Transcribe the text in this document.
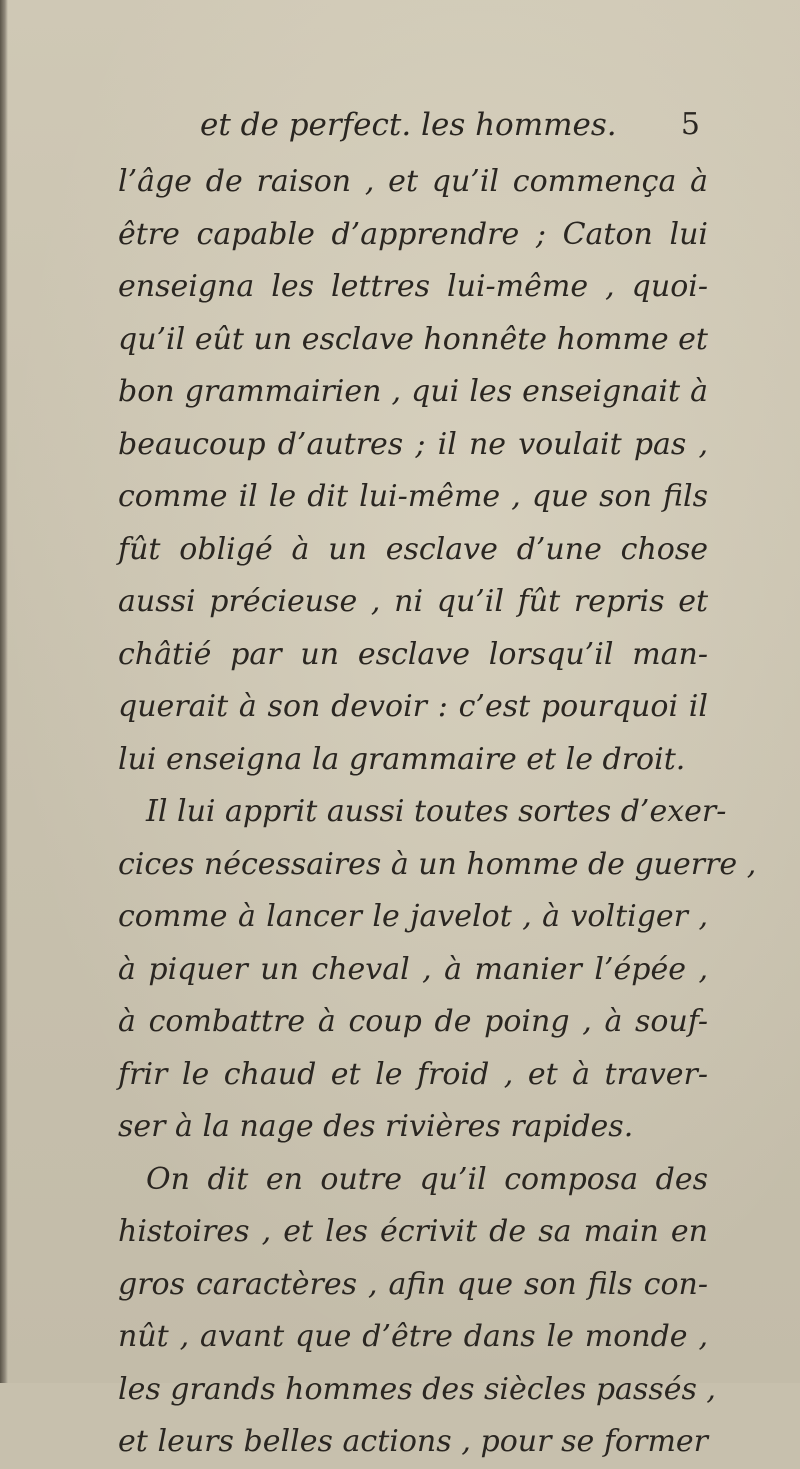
et de perfect. les hommes. 5
l’âge de raison , et qu’il commença à
être capable d’apprendre ; Caton lui
enseigna les lettres lui-même , quoi-
qu’il eût un esclave honnête homme et
bon grammairien , qui les enseignait à
beaucoup d’autres ; il ne voulait pas ,
comme il le dit lui-même , que son fils
fût obligé à un esclave d’une chose
aussi précieuse , ni qu’il fût repris et
châtié par un esclave lorsqu’il man-
querait à son devoir : c’est pourquoi il
lui enseigna la grammaire et le droit.
Il lui apprit aussi toutes sortes d’exer-
cices nécessaires à un homme de guerre ,
comme à lancer le javelot , à voltiger ,
à piquer un cheval , à manier l’épée ,
à combattre à coup de poing , à souf-
frir le chaud et le froid , et à traver-
ser à la nage des rivières rapides.
On dit en outre qu’il composa des
histoires , et les écrivit de sa main en
gros caractères , afin que son fils con-
nût , avant que d’être dans le monde ,
les grands hommes des siècles passés ,
et leurs belles actions , pour se former
